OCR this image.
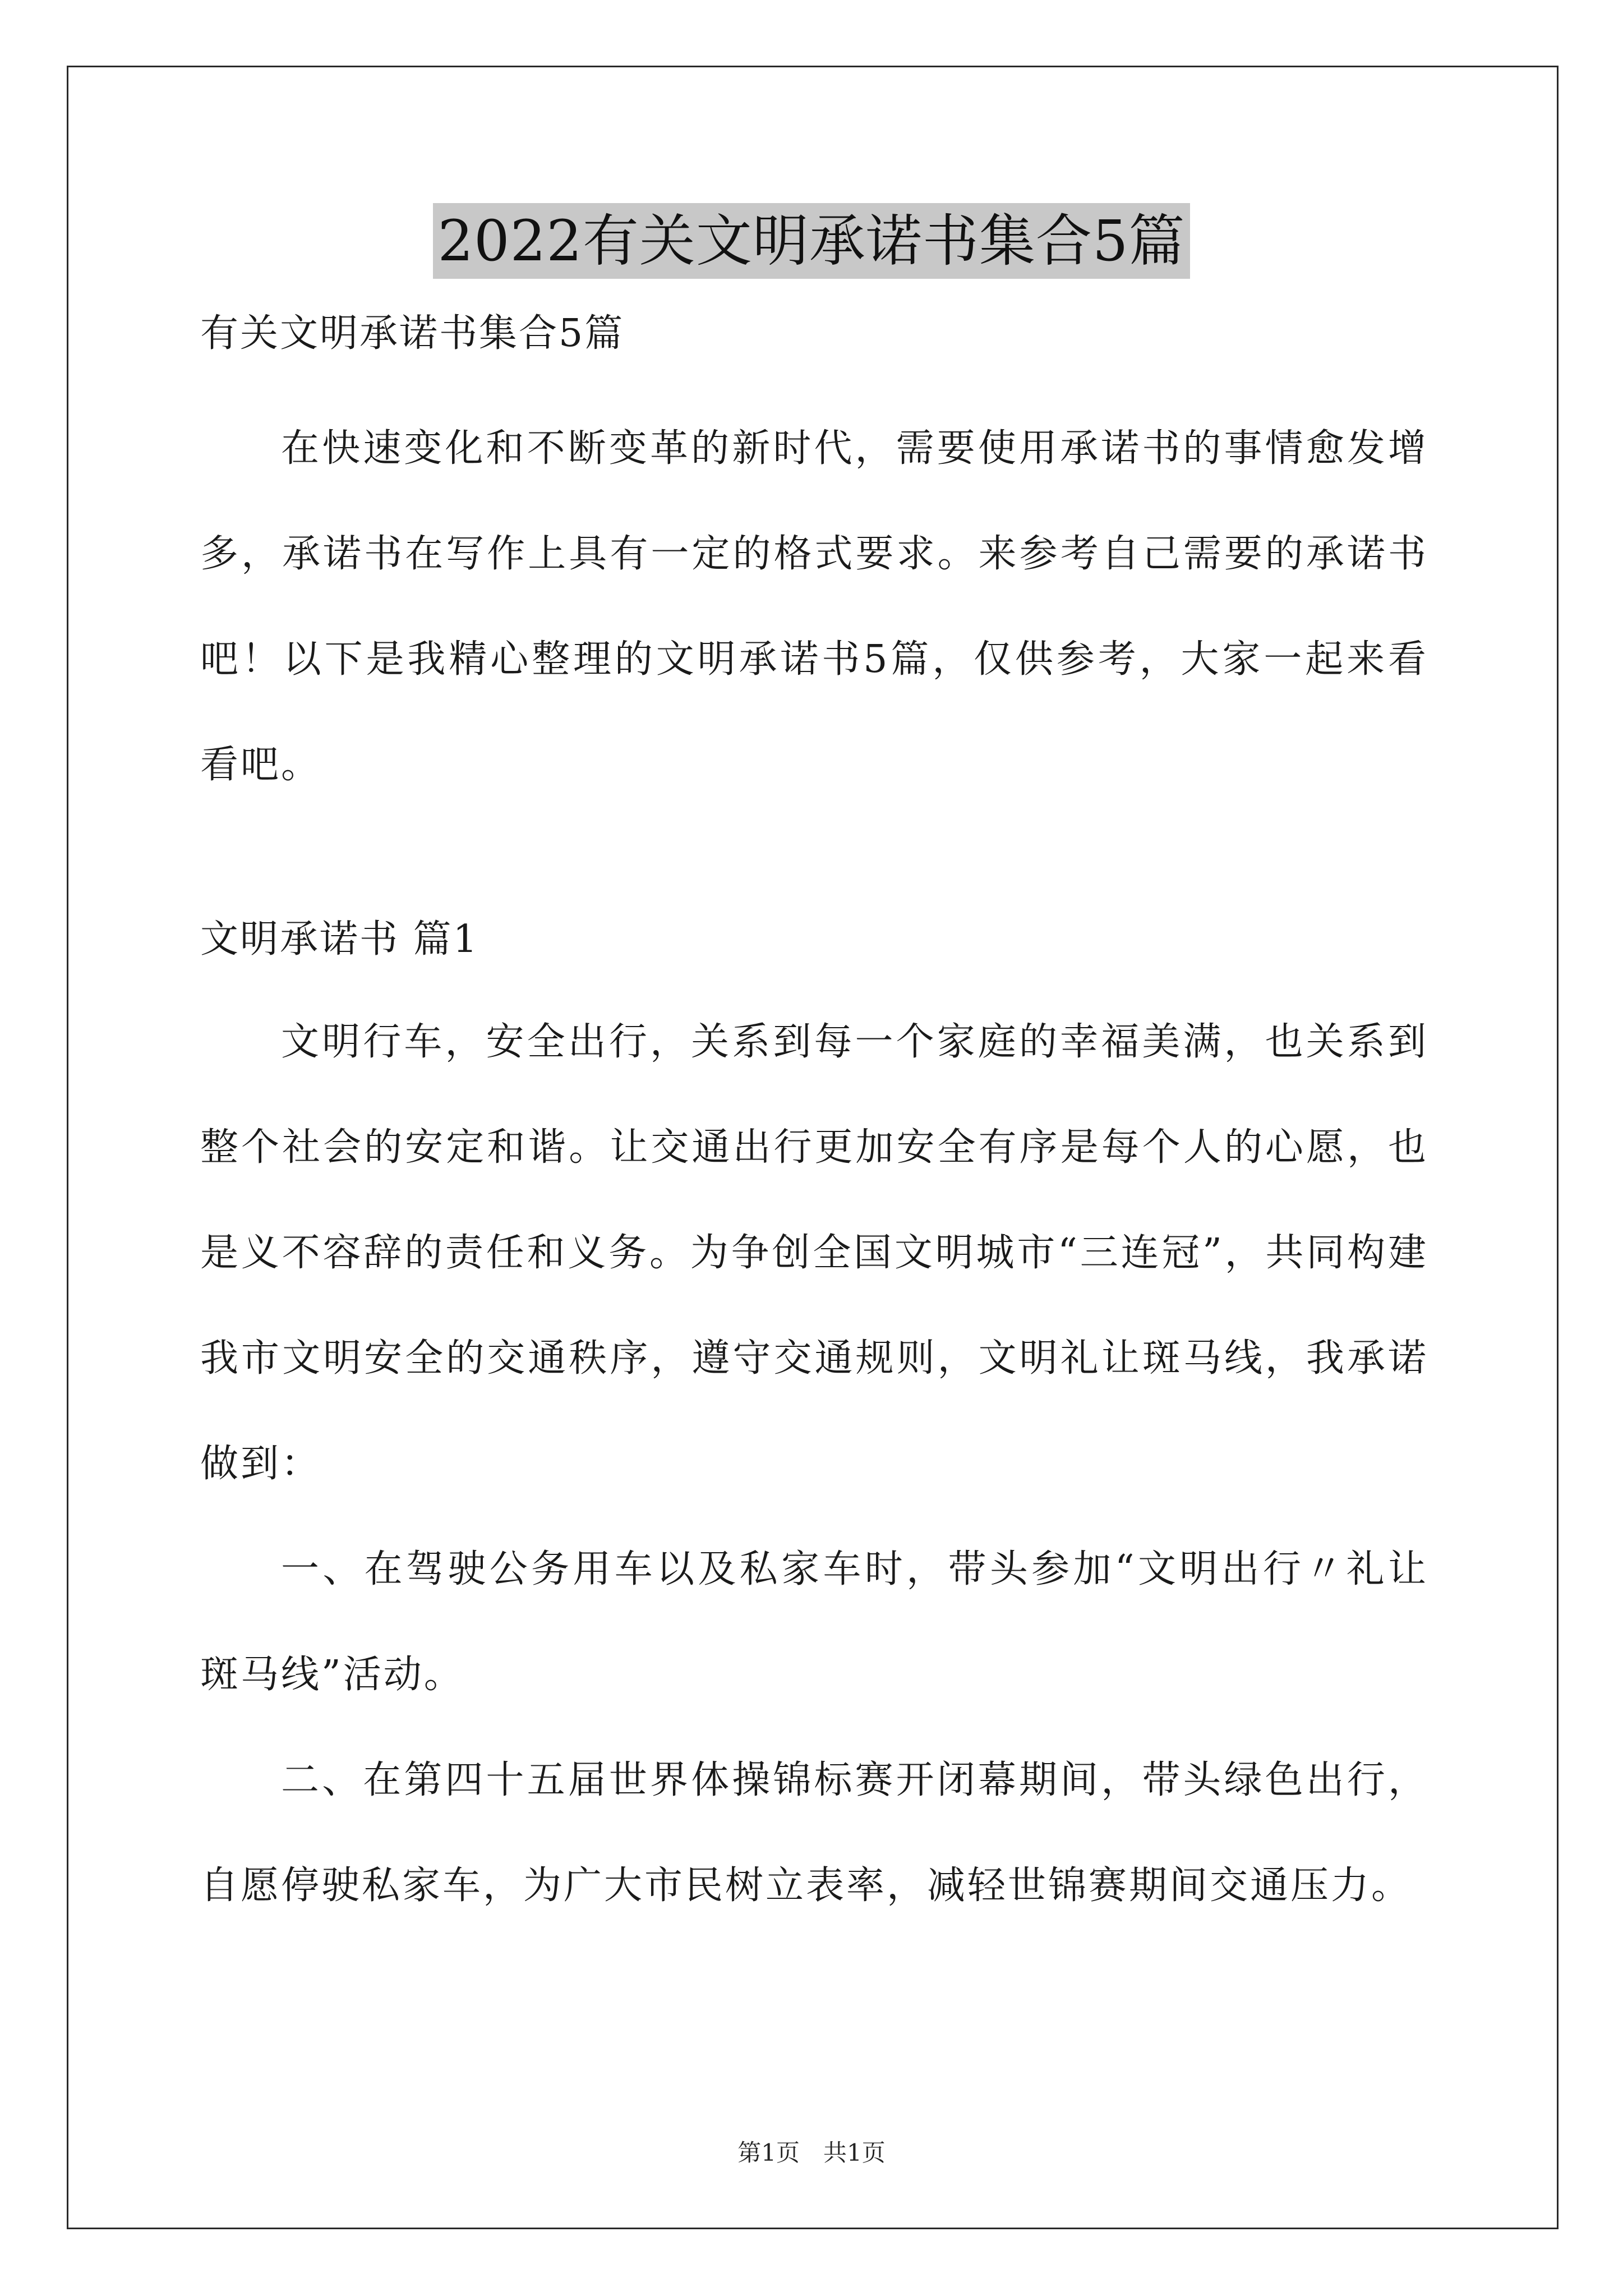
2022有关文明承诺书集合5篇

有关文明承诺书集合5篇

在快速变化和不断变革的新时代，需要使用承诺书的事情愈发增多，承诺书在写作上具有一定的格式要求。来参考自己需要的承诺书吧！以下是我精心整理的文明承诺书5篇，仅供参考，大家一起来看看吧。

文明承诺书 篇1

文明行车，安全出行，关系到每一个家庭的幸福美满，也关系到整个社会的安定和谐。让交通出行更加安全有序是每个人的心愿，也是义不容辞的责任和义务。为争创全国文明城市“三连冠”，共同构建我市文明安全的交通秩序，遵守交通规则，文明礼让斑马线，我承诺做到：

一、在驾驶公务用车以及私家车时，带头参加“文明出行〃礼让斑马线”活动。

二、在第四十五届世界体操锦标赛开闭幕期间，带头绿色出行，自愿停驶私家车，为广大市民树立表率，减轻世锦赛期间交通压力。

第1页　共1页
